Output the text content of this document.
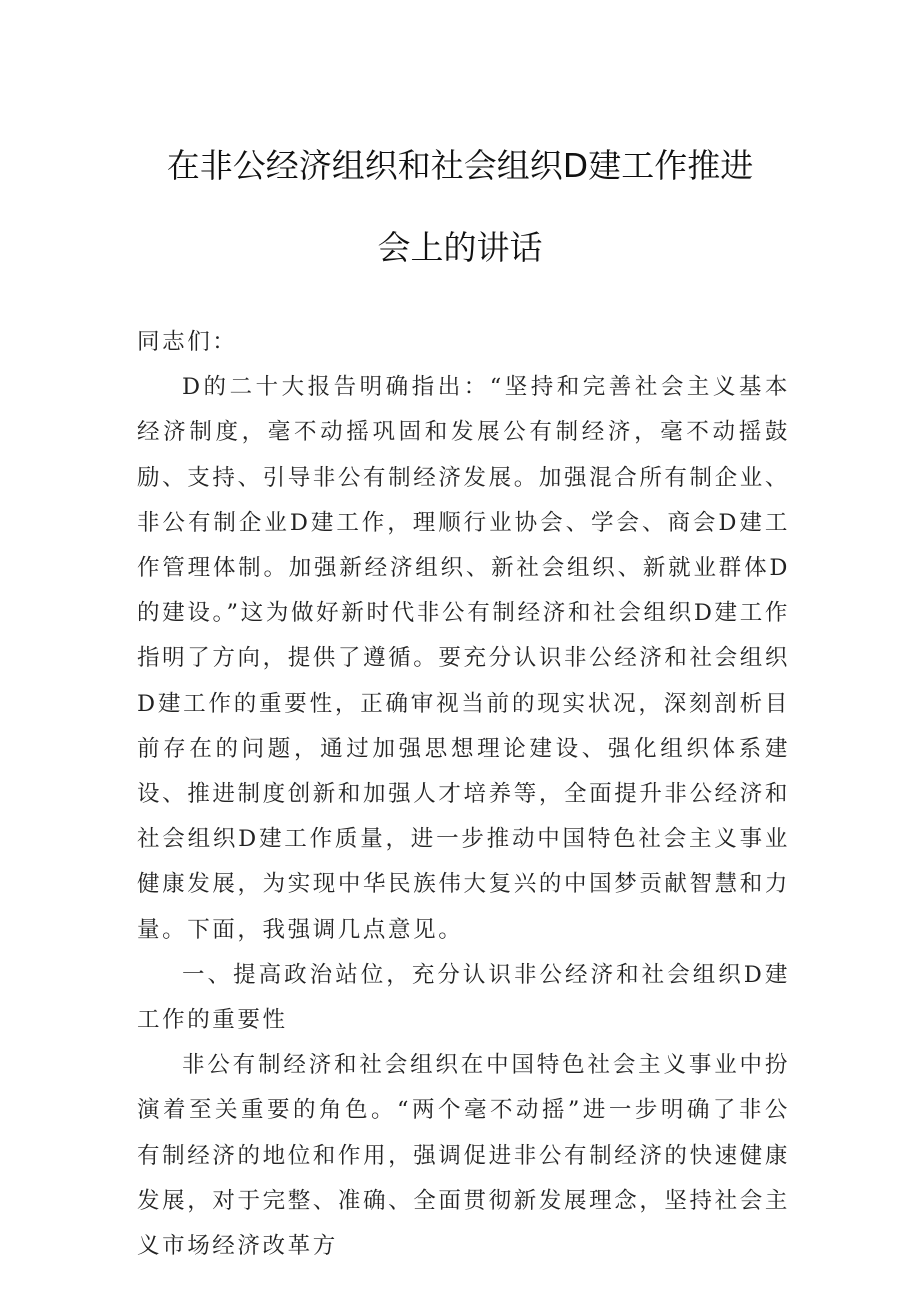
在非公经济组织和社会组织D建工作推进
会上的讲话

同志们：

D的二十大报告明确指出：“坚持和完善社会主义基本经济制度，毫不动摇巩固和发展公有制经济，毫不动摇鼓励、支持、引导非公有制经济发展。加强混合所有制企业、非公有制企业D建工作，理顺行业协会、学会、商会D建工作管理体制。加强新经济组织、新社会组织、新就业群体D的建设。”这为做好新时代非公有制经济和社会组织D建工作指明了方向，提供了遵循。要充分认识非公经济和社会组织D建工作的重要性，正确审视当前的现实状况，深刻剖析目前存在的问题，通过加强思想理论建设、强化组织体系建设、推进制度创新和加强人才培养等，全面提升非公经济和社会组织D建工作质量，进一步推动中国特色社会主义事业健康发展，为实现中华民族伟大复兴的中国梦贡献智慧和力量。下面，我强调几点意见。

一、提高政治站位，充分认识非公经济和社会组织D建工作的重要性

非公有制经济和社会组织在中国特色社会主义事业中扮演着至关重要的角色。“两个毫不动摇”进一步明确了非公有制经济的地位和作用，强调促进非公有制经济的快速健康发展，对于完整、准确、全面贯彻新发展理念，坚持社会主义市场经济改革方
